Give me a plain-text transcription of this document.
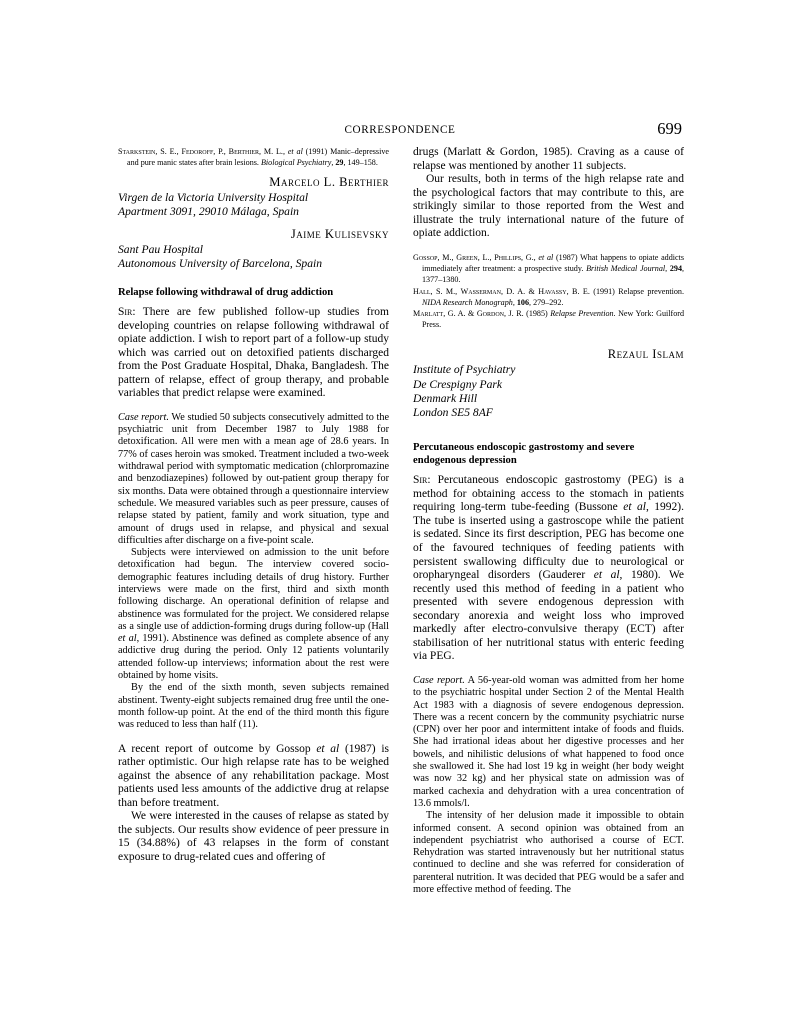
CORRESPONDENCE	699
Starkstein, S. E., Fedoroff, P., Berthier, M. L., et al (1991) Manic–depressive and pure manic states after brain lesions. Biological Psychiatry, 29, 149–158.
Marcelo L. Berthier
Virgen de la Victoria University Hospital
Apartment 3091, 29010 Málaga, Spain
Jaime Kulisevsky
Sant Pau Hospital
Autonomous University of Barcelona, Spain
Relapse following withdrawal of drug addiction

Sir: There are few published follow-up studies from developing countries on relapse following withdrawal of opiate addiction. I wish to report part of a follow-up study which was carried out on detoxified patients discharged from the Post Graduate Hospital, Dhaka, Bangladesh. The pattern of relapse, effect of group therapy, and probable variables that predict relapse were examined.

Case report. We studied 50 subjects consecutively admitted to the psychiatric unit from December 1987 to July 1988 for detoxification. All were men with a mean age of 28.6 years. In 77% of cases heroin was smoked. Treatment included a two-week withdrawal period with symptomatic medication (chlorpromazine and benzodiazepines) followed by out-patient group therapy for six months. Data were obtained through a questionnaire interview schedule. We measured variables such as peer pressure, causes of relapse stated by patient, family and work situation, type and amount of drugs used in relapse, and physical and sexual difficulties after discharge on a five-point scale.

Subjects were interviewed on admission to the unit before detoxification had begun. The interview covered socio-demographic features including details of drug history. Further interviews were made on the first, third and sixth month following discharge. An operational definition of relapse and abstinence was formulated for the project. We considered relapse as a single use of addiction-forming drugs during follow-up (Hall et al, 1991). Abstinence was defined as complete absence of any addictive drug during the period. Only 12 patients voluntarily attended follow-up interviews; information about the rest were obtained by home visits.

By the end of the sixth month, seven subjects remained abstinent. Twenty-eight subjects remained drug free until the one-month follow-up point. At the end of the third month this figure was reduced to less than half (11).

A recent report of outcome by Gossop et al (1987) is rather optimistic. Our high relapse rate has to be weighed against the absence of any rehabilitation package. Most patients used less amounts of the addictive drug at relapse than before treatment.

We were interested in the causes of relapse as stated by the subjects. Our results show evidence of peer pressure in 15 (34.88%) of 43 relapses in the form of constant exposure to drug-related cues and offering of

drugs (Marlatt & Gordon, 1985). Craving as a cause of relapse was mentioned by another 11 subjects.

Our results, both in terms of the high relapse rate and the psychological factors that may contribute to this, are strikingly similar to those reported from the West and illustrate the truly international nature of the future of opiate addiction.

Gossop, M., Green, L., Phillips, G., et al (1987) What happens to opiate addicts immediately after treatment: a prospective study. British Medical Journal, 294, 1377–1380.
Hall, S. M., Wasserman, D. A. & Havassy, B. E. (1991) Relapse prevention. NIDA Research Monograph, 106, 279–292.
Marlatt, G. A. & Gordon, J. R. (1985) Relapse Prevention. New York: Guilford Press.
Rezaul Islam
Institute of Psychiatry
De Crespigny Park
Denmark Hill
London SE5 8AF
Percutaneous endoscopic gastrostomy and severe endogenous depression

Sir: Percutaneous endoscopic gastrostomy (PEG) is a method for obtaining access to the stomach in patients requiring long-term tube-feeding (Bussone et al, 1992). The tube is inserted using a gastroscope while the patient is sedated. Since its first description, PEG has become one of the favoured techniques of feeding patients with persistent swallowing difficulty due to neurological or oropharyngeal disorders (Gauderer et al, 1980). We recently used this method of feeding in a patient who presented with severe endogenous depression with secondary anorexia and weight loss who improved markedly after electro-convulsive therapy (ECT) after stabilisation of her nutritional status with enteric feeding via PEG.

Case report. A 56-year-old woman was admitted from her home to the psychiatric hospital under Section 2 of the Mental Health Act 1983 with a diagnosis of severe endogenous depression. There was a recent concern by the community psychiatric nurse (CPN) over her poor and intermittent intake of foods and fluids. She had irrational ideas about her digestive processes and her bowels, and nihilistic delusions of what happened to food once she swallowed it. She had lost 19 kg in weight (her body weight was now 32 kg) and her physical state on admission was of marked cachexia and dehydration with a urea concentration of 13.6 mmols/l.

The intensity of her delusion made it impossible to obtain informed consent. A second opinion was obtained from an independent psychiatrist who authorised a course of ECT. Rehydration was started intravenously but her nutritional status continued to decline and she was referred for consideration of parenteral nutrition. It was decided that PEG would be a safer and more effective method of feeding. The
